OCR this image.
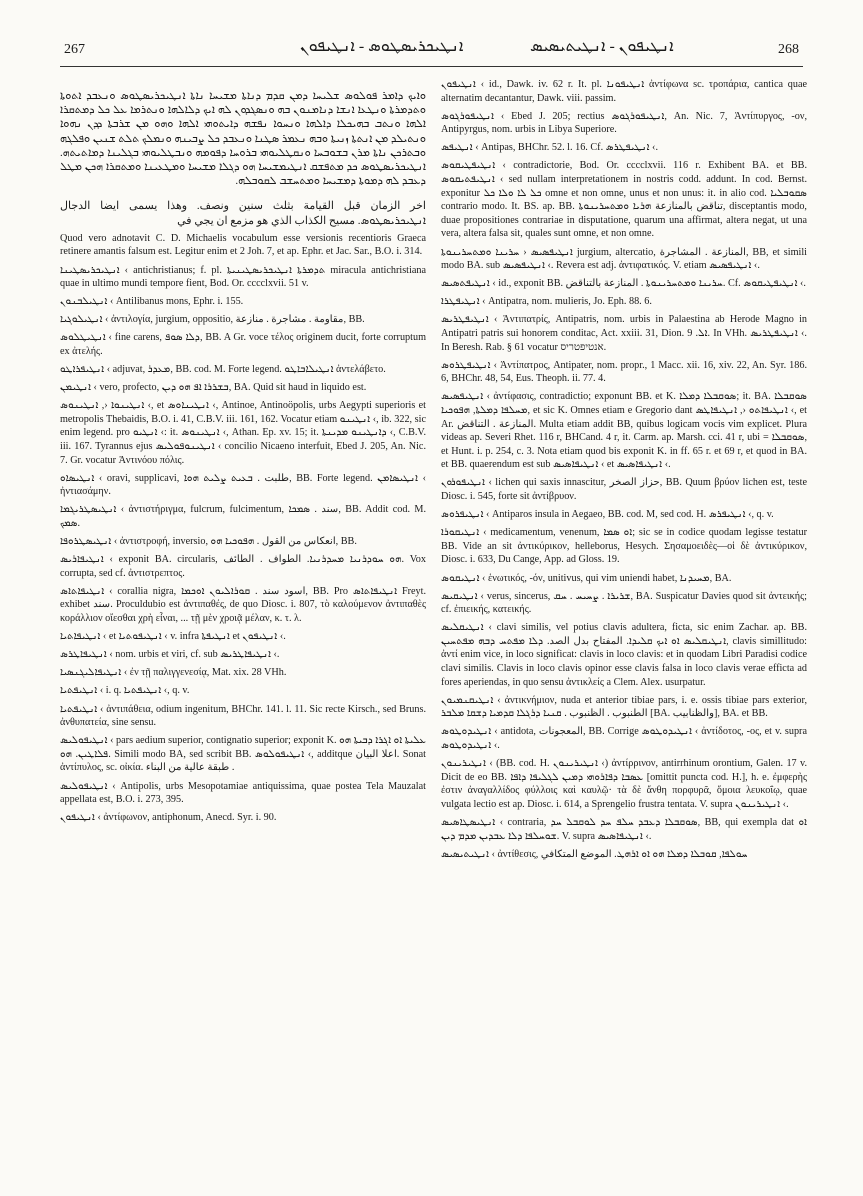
267	ܐܢܛܝܟܪܝܣܛܘܣ - ܐܢܛܝܦܘܢ	ܐܢܛܝܦܘܢ - ܐܢܛܝܬܝܣܝܣ	268

ܘܐܝܟ ܕܐܡܪ ܦܘܠܘܣ ܫܠܝܚܐ ܕܡܢ ܩܕܡ ܕܢܐܬܐ ܡܫܝܚܐ ܢܐܬܐ ܐܢܛܝܟܪܝܣܛܘܣ ܘܢܥܒܕ ܐܬܘܬܐ ܘܬܕܡܪܬܐ ܘܢܛܥܐ ܐܢܫܐ ܕܢܐܡܢܘܢ ܒܗ ܘܢܣܓܕܘܢ ܠܗ ܐܝܟ ܕܠܐܠܗܐ ܘܢܬܪܡܐ ܥܠ ܟܠ ܕܡܬܩܪܐ ܐܠܗܐ ܘܢܬܒ ܒܗܝܟܠܐ ܕܐܠܗܐ ܘܢܚܘܐ ܢܦܫܗ ܕܐܝܬܘܗܝ ܐܠܗܐ ܘܗܘ ܡܢ ܫܪܒܬܐ ܕܕܢ ܢܗܘܐ ܘܢܬܝܠܕ ܡܢ ܐܢܬܬܐ ܙܢܝܬܐ ܘܒܗ ܢܥܡܪ ܣܛܢܐ ܘܢܥܒܕ ܟܠ ܨܒܝܢܗ ܘܢܡܠܟ ܬܠܬ ܫܢܝܢ ܘܦܠܓܗ ܘܒܬܪܟܢ ܢܐܬܐ ܡܪܢ ܒܫܘܒܚܐ ܘܢܩܛܠܝܘܗܝ ܒܪܘܚܐ ܕܦܘܡܗ ܘܢܒܛܠܝܘܗܝ ܒܓܠܝܢܐ ܕܡܐܬܝܬܗ. ܐܢܛܝܟܪܝܣܛܘܣ ܟܕ ܡܬܦܫܩ ܐܢܛܝܡܫܝܚܐ ܗܘ ܕܓܠܐ ܡܫܝܚܐ ܘܡܛܥܝܢܐ ܘܡܬܩܪܐ ܗܟܢ ܡܛܠ ܕܥܒܕ ܠܗ ܕܡܘܬܐ ܕܡܫܝܚܐ ܘܡܬܚܫܒ ܠܩܘܒܠܗ.

اخر الزمان قبل القيامة بثلث سنين ونصف. وهذا يسمى ايضا الدجال ܐܢܛܝܟܪܝܣܛܘܣ. مسيح الكذاب الذي هو مزمع ان يجي في

Quod vero adnotavit C. D. Michaelis vocabulum esse versionis recentioris Graeca retinere amantis falsum est. Legitur enim et 2 Joh. 7, et ap. Ephr. et Jac. Sar., B.O. i. 314.

ܐܢܛܝܟܪܝܣܛܝܢܐ ‹ antichristianus; f. pl. ܬܕܡܪܬܐ ܐܢܛܝܟܪܝܣܛܝܢܝܬܐ miracula antichristiana quae in ultimo mundi tempore fient, Bod. Or. cccclxvii. 51 v.

ܐܢܛܝܠܒܢܘܢ ‹ Antilibanus mons, Ephr. i. 155.

ܐܢܛܝܠܘܓܝܐ ‹ ἀντιλογία, jurgium, oppositio, مقاومة . مشاجرة . منازعة, BB.

ܐܢܛܝܛܠܘܣ ‹ fine carens, ܕܠܐ ܣܘܦ, BB. A Gr. voce τέλος originem ducit, forte corruptum ex ἀτελής.

ܐܢܛܝܦܪܐܛܘ ‹ adjuvat, ܡܥܕܪ, BB. cod. M. Forte legend. ܐܢܛܝܠܐܒܐܛܘ ἀντελάβετο.

ܐܢܛܝܡܢ ‹ vero, profecto, ܒܫܪܪܐ ܐܦ ܗܘ ܕܝܢ, BA. Quid sit haud in liquido est.

ܐܢܛܝܢܘܐ ‹, ܐܢܛܝܢܘܣ ‹, et ܐܢܛܝܢܐܘܣ ‹, Antinoe, Antinoöpolis, urbs Aegypti superioris et metropolis Thebaidis, B.O. i. 41, C.B.V. iii. 161, 162. Vocatur etiam ܐܢܛܝܢܘ ‹, ib. 322, sic enim legend. pro ܐܢܛܝܘ ‹: it. ܐܢܛܝܢܘܣ ‹, Athan. Ep. xv. 15; it. ܕܐܢܛܝܢܘ ܡܕܝܢܬܐ ‹, C.B.V. iii. 167. Tyrannus ejus ܐܢܛܝܢܘܦܘܠܝܣ ‹ concilio Nicaeno interfuit, Ebed J. 205, An. Nic. 7. Gr. vocatur Ἀντινόου πόλις.

ܐܢܛܝܣܐܘ ‹ oravi, supplicavi, طلبت . ܒܥܝܬ ܨܠܝܬ ܗܘܐ, BB. Forte legend. ܐܢܛܝܣܐܡܢ ‹ ἠντιασάμην.

ܐܢܛܝܣܛܪܝܓܡܐ ‹ ἀντιστήριγμα, fulcrum, fulcimentum, سند . ܣܡܟܐ, BB. Addit cod. M. ܣܡܟ.

ܐܢܛܝܣܛܪܘܦܐ ‹ ἀντιστροφή, inversio, انعكاس من القول . ܗܦܘܟܝܐ ܗܘ, BB.

ܐܢܛܝܦܐܪܝܣ ‹ exponit BA. circularis, ܗܘ ܚܘܕܪܢܝܐ ܡܚܕܪܢܝܐ. الطواف . الطائف. Vox corrupta, sed cf. ἀντιστρεπτος.

ܐܢܛܝܦܐܬܐܣ ‹ corallia nigra, اسود سند . ܩܘܪܐܠܝܘܢ ܐܘܟܡܐ, BB. Pro ܐܢܛܝܦܐܬܐܣ Freyt. exhibet سند. Proculdubio est ἀντιπαθές, de quo Diosc. i. 807, τὸ καλούμενον ἀντιπαθὲς κοράλλιον οἴεσθαι χρὴ εἶναι, ... τῇ μὲν χροιᾷ μέλαν, κ. τ. λ.

ܐܢܛܝܦܐܬܝܐ ‹ et ܐܢܛܝܦܘܬܝܐ ‹ v. infra ܐܢܛܝܦܬܐ et ܐܢܛܝܦܘܢ ‹.

ܐܢܛܝܦܐܛܪܣ ‹ nom. urbis et viri, cf. sub ܐܢܛܝܦܐܛܪܝܣ ‹.

ܐܢܛܝܦܐܠܝܓܢܣܝܐ ‹ ἐν τῇ παλιγγενεσίᾳ, Mat. xix. 28 VHh.

ܐܢܛܝܦܬܝܐ ‹ i. q. ܐܢܛܝܦܬܝܐ ‹, q. v.

ܐܢܛܝܦܬܝܐ ‹ ἀντιπάθεια, odium ingenitum, BHChr. 141. l. 11. Sic recte Kirsch., sed Bruns. ἀνθυπατεία, sine sensu.

ܐܢܛܝܦܘܠܝܣ ‹ pars aedium superior, contignatio superior; exponit K. ܥܠܝܬܐ ܐܘ ܐܓܪܐ ܕܒܝܬܐ ܗܘ ܦܠܐܛܝܢ. ܗܘ. Simili modo BA, sed scribit BB. ܐܢܛܝܦܘܠܘܣ ‹, additque اعلا البيان. Sonat ἀντίπυλος, sc. οἰκία. طبقة عالية من البناء .

ܐܢܛܝܦܘܠܝܣ ‹ Antipolis, urbs Mesopotamiae antiquissima, quae postea Tela Mauzalat appellata est, B.O. i. 273, 395.

ܐܢܛܝܦܘܢ ‹ ἀντίφωνον, antiphonum, Anecd. Syr. i. 90.

ܐܢܛܝܦܘܢ ‹ id., Dawk. iv. 62 r. It. pl. ܐܢܛܝܦܘܢܐ ἀντίφωνα sc. τροπάρια, cantica quae alternatim decantantur, Dawk. viii. passim.

ܐܢܛܝܦܘܪܓܘܣ ‹ Ebed J. 205; rectius ܐܢܛܝܦܘܪܓܘܣ, An. Nic. 7, Ἀντίπυργος, -ον, Antipyrgus, nom. urbis in Libya Superiore.

ܐܢܛܝܦܣ ‹ Antipas, BHChr. 52. l. 16. Cf. ܐܢܛܝܦܛܪܣ ‹.

ܐܢܛܝܦܛܝܩܘܣ ‹ contradictorie, Bod. Or. cccclxvii. 116 r. Exhibent BA. et BB. ܐܢܛܝܦܬܝܩܘܣ ‹ sed nullam interpretationem in nostris codd. addunt. In cod. Bernst. exponitur ܟܠ ܠܐ ܘܠܐ ܟܠ omne et non omne, unus et non unus: it. in alio cod. ܣܩܘܒܠܝܐ contrario modo. It. BS. ap. BB. تناقض بالمنازعة ܗܪܝܐ ܘܡܬܚܪܝܢܘܬܐ, disceptantis modo, duae propositiones contrariae in disputatione, quarum una affirmat, altera negat, ut una vera, altera falsa sit, quales sunt omne, et non omne.

ܐܢܛܝܦܣܝܣ ‹ ܚܪܝܢܐ ܘܡܬܚܪܝܢܘܬܐ jurgium, altercatio, المنازعة . المشاجرة, BB, et simili modo BA. sub ܐܢܛܝܦܣܝܣ ‹. Revera est adj. ἀντιφατικός. V. etiam ܐܢܛܝܦܣܝܣ ‹.

ܐܢܛܝܦܬܣܝܣ ‹ id., exponit BB. ܚܪܝܢܐ ܘܡܬܚܪܝܢܘܬܐ . المنازعة بالتناقض. Cf. ܐܢܛܝܦܛܝܩܘܣ ‹.

ܐܢܛܝܦܛܪܐ ‹ Antipatra, nom. mulieris, Jo. Eph. 88. 6.

ܐܢܛܝܦܛܪܝܣ ‹ Ἀντιπατρίς, Antipatris, nom. urbis in Palaestina ab Herode Magno in Antipatri patris sui honorem conditac, Act. xxiii. 31, Dion. ܐܠ. 9. In VHh. ܐܢܛܝܦܛܪܝܣ ‹. In Beresh. Rab. § 61 vocatur אנטיפטריס.

ܐܢܛܝܦܛܪܘܣ ‹ Ἀντίπατρος, Antipater, nom. propr., 1 Macc. xii. 16, xiv. 22, An. Syr. 186. 6, BHChr. 48, 54, Eus. Theoph. ii. 77. 4.

ܐܢܛܝܦܣܝܣ ‹ ἀντίφασις, contradictio; exponunt BB. et K. ܣܘܩܒܠܐ ܕܡܠܐ; it. BA. ܣܘܩܒܠܐ ܡܚܠܦܐ ܕܡܠܬܐ, ܗܦܘܟܝܐ, et sic K. Omnes etiam e Gregorio dant ܐܢܛܝܦܐܬܘ ‹, ܐܢܛܝܦܐܛܣ ‹, et Ar. المنازعة . التناقض. Multa etiam addit BB, quibus logicam vocis vim explicet. Plura videas ap. Severi Rhet. 116 r, BHCand. 4 r, it. Carm. ap. Marsh. cci. 41 r, ubi = ܣܘܩܒܠܐ, et Hunt. i. p. 254, c. 3. Nota etiam quod bis exponit K. in ff. 65 r. et 69 r, et quod in BA. et BB. quaerendum est sub ܐܢܛܝܦܐܣܝܣ ‹ et ܐܢܛܝܦܐܣܝܣ ‹.

ܐܢܛܝܦܘܪܘܢ ‹ lichen qui saxis innascitur, حزاز الصخر, BB. Quum βρύον lichen est, teste Diosc. i. 545, forte sit ἀντίβρυον.

ܐܢܛܝܦܪܘܣ ‹ Antiparos insula in Aegaeo, BB. cod. M, sed cod. H. ܐܢܛܝܦܪܣ ‹, q. v.

ܐܢܛܝܩܘܪܐ ‹ medicamentum, venenum, ܐܘ ܣܡܐ; sic se in codice quodam legisse testatur BB. Vide an sit ἀντικύρικον, helleborus, Hesych. Σησαμοειδὲς—οἱ δὲ ἀντικύρικον, Diosc. i. 633, Du Cange, App. ad Gloss. 19.

ܐܢܛܝܩܘܣ ‹ ἑνωτικός, -όν, unitivus, qui vim uniendi habet, ܡܚܝܕܢܐ, BA.

ܐܢܛܝܩܝܣ ‹ verus, sincerus, ܫܪܝܪܐ . ܨܚܝܚ . ܚܩ, BA. Suspicatur Davies quod sit ἀντεικής; cf. ἐπιεικής, κατεικής.

ܐܢܛܝܩܠܝܣ ‹ clavi similis, vel potius clavis adultera, ficta, sic enim Zachar. ap. BB. ܐܢܛܝܩܠܝܣ ܐܘ ܐܝܟ ܩܠܝܕܐ. المفتاح بدل الصد. ܕܠܐ ܡܦܬܚ ܕܒܗ ܡܦܬܚܝܢ, clavis simillitudo: ἀντί enim vice, in loco significat: clavis in loco clavis: et in quodam Libri Paradisi codice clavi similis. Clavis in loco clavis opinor esse clavis falsa in loco clavis verae efficta ad fores aperiendas, in quo sensu ἀντικλείς a Clem. Alex. usurpatur.

ܐܢܛܝܩܢܡܝܘܢ ‹ ἀντικνήμιον, nuda et anterior tibiae pars, i. e. ossis tibiae pars exterior, الطنبوب . الظنبوب . ܩܢܝܐ ܕܪܓܠܐ ܩܕܡܝܐ ܕܫܩܐ ܡܠܒܪ [BA. والظنابيب], BA. et BB.

ܐܢܛܝܕܘܛܘܣ ‹ antidota, المعجونات, BB. Corrige ܐܢܛܝܕܘܛܘܣ ‹ ἀντίδοτος, -ος, et v. supra ܐܢܛܝܕܘܛܘܣ ‹.

ܐܢܛܝܪܝܢܘܢ ‹ (BB. cod. H. ܐܢܛܝܪܝܢܘܢ ‹) ἀντίρρινον, antirrhinum orontium, Galen. 17 v. Dicit de eo BB. ܥܣܒܐ ܕܦܐܪܘܗܝ ܕܡܝܢ ܠܓܠܝܦܐ ܕܐܦܐ [omittit puncta cod. H.], h. e. ἐμφερὴς ἐστιν ἀναγαλλίδος φύλλοις καὶ καυλῷ· τὰ δὲ ἄνθη πορφυρᾶ, ὅμοια λευκοΐῳ, quae vulgata lectio est ap. Diosc. i. 614, a Sprengelio frustra tentata. V. supra ܐܢܛܝܪܝܢܘܢ ‹.

ܐܢܛܝܣܛܐܣܝܣ ‹ contraria, ܣܘܩܒܠܐ ܕܥܒܕ ܚܠܦ ܚܕ ܠܘܩܒܠ ܚܕ, BB, qui exempla dat ܐܘ ܫܘܚܠܦܐ ܕܠܐ ܥܒܕܝܢ ܡܕܡ ܕܝܢ. V. supra ܐܢܛܝܦܐܣܝܣ ‹.

ܐܢܛܝܬܝܣܝܣ ‹ ἀντίθεσις, ܚܘܠܦܐ, ܩܘܒܠܐ ܕܡܠܐ ܗܘ ܐܘ ܐܪܗܛ. الموضع المتكافي
